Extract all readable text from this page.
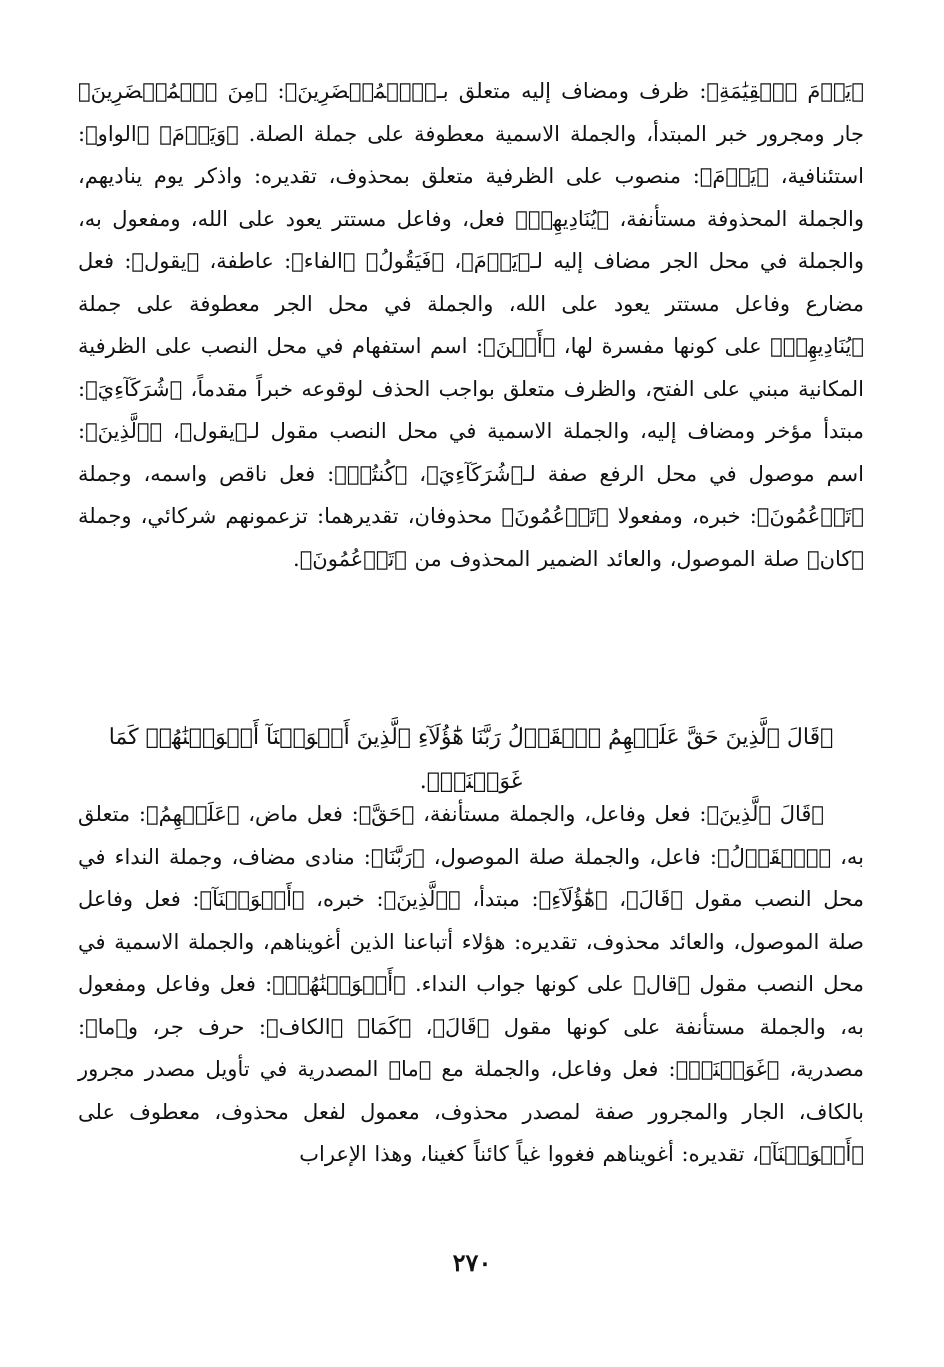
﴿يَوۡمَ ٱلۡقِيَٰمَةِ﴾: ظرف ومضاف إليه متعلق بـ﴿ٱلۡمُحۡضَرِينَ﴾: ﴿مِنَ ٱلۡمُحۡضَرِينَ﴾ جار ومجرور خبر المبتدأ، والجملة الاسمية معطوفة على جملة الصلة. ﴿وَيَوۡمَ﴾ ﴿الواو﴾: استئنافية، ﴿يَوۡمَ﴾: منصوب على الظرفية متعلق بمحذوف، تقديره: واذكر يوم يناديهم، والجملة المحذوفة مستأنفة، ﴿يُنَادِيهِمۡ﴾ فعل، وفاعل مستتر يعود على الله، ومفعول به، والجملة في محل الجر مضاف إليه لـ﴿يَوۡمَ﴾، ﴿فَيَقُولُ﴾ ﴿الفاء﴾: عاطفة، ﴿يقول﴾: فعل مضارع وفاعل مستتر يعود على الله، والجملة في محل الجر معطوفة على جملة ﴿يُنَادِيهِمۡ﴾ على كونها مفسرة لها، ﴿أَيۡنَ﴾: اسم استفهام في محل النصب على الظرفية المكانية مبني على الفتح، والظرف متعلق بواجب الحذف لوقوعه خبراً مقدماً، ﴿شُرَكَآءِيَ﴾: مبتدأ مؤخر ومضاف إليه، والجملة الاسمية في محل النصب مقول لـ﴿يقول﴾، ﴿ٱلَّذِينَ﴾: اسم موصول في محل الرفع صفة لـ﴿شُرَكَآءِيَ﴾، ﴿كُنتُمۡ﴾: فعل ناقص واسمه، وجملة ﴿تَزۡعُمُونَ﴾: خبره، ومفعولا ﴿تَزۡعُمُونَ﴾ محذوفان، تقديرهما: تزعمونهم شركائي، وجملة ﴿كان﴾ صلة الموصول، والعائد الضمير المحذوف من ﴿تَزۡعُمُونَ﴾.

﴿قَالَ ٱلَّذِينَ حَقَّ عَلَيۡهِمُ ٱلۡقَوۡلُ رَبَّنَا هَٰٓؤُلَآءِ ٱلَّذِينَ أَغۡوَيۡنَآ أَغۡوَيۡنَٰهُمۡ كَمَا غَوَيۡنَاۖ﴾.

﴿قَالَ ٱلَّذِينَ﴾: فعل وفاعل، والجملة مستأنفة، ﴿حَقَّ﴾: فعل ماض، ﴿عَلَيۡهِمُ﴾: متعلق به، ﴿ٱلۡقَوۡلُ﴾: فاعل، والجملة صلة الموصول، ﴿رَبَّنَا﴾: منادى مضاف، وجملة النداء في محل النصب مقول ﴿قَالَ﴾، ﴿هَٰٓؤُلَآءِ﴾: مبتدأ، ﴿ٱلَّذِينَ﴾: خبره، ﴿أَغۡوَيۡنَآ﴾: فعل وفاعل صلة الموصول، والعائد محذوف، تقديره: هؤلاء أتباعنا الذين أغويناهم، والجملة الاسمية في محل النصب مقول ﴿قال﴾ على كونها جواب النداء. ﴿أَغۡوَيۡنَٰهُمۡ﴾: فعل وفاعل ومفعول به، والجملة مستأنفة على كونها مقول ﴿قَالَ﴾، ﴿كَمَا﴾ ﴿الكاف﴾: حرف جر، و﴿ما﴾: مصدرية، ﴿غَوَيۡنَاۖ﴾: فعل وفاعل، والجملة مع ﴿ما﴾ المصدرية في تأويل مصدر مجرور بالكاف، الجار والمجرور صفة لمصدر محذوف، معمول لفعل محذوف، معطوف على ﴿أَغۡوَيۡنَآ﴾، تقديره: أغويناهم فغووا غياً كائناً كغينا، وهذا الإعراب

٢٧٠
